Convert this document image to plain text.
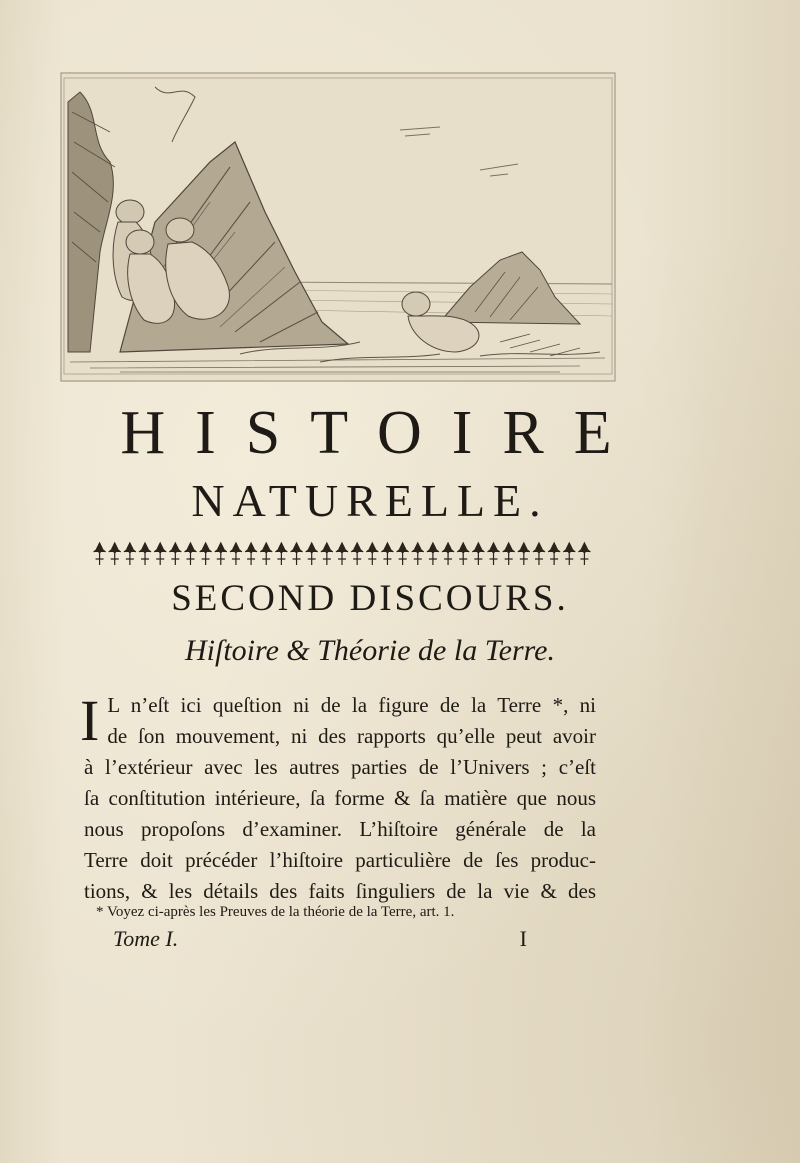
HISTOIRE
NATURELLE.
SECOND DISCOURS.
Hiſtoire & Théorie de la Terre.
I L n’eſt ici queſtion ni de la figure de la Terre *, ni
de ſon mouvement, ni des rapports qu’elle peut avoir
à l’extérieur avec les autres parties de l’Univers ; c’eſt
ſa conſtitution intérieure, ſa forme & ſa matière que nous
nous propoſons d’examiner. L’hiſtoire générale de la
Terre doit précéder l’hiſtoire particulière de ſes produc-
tions, & les détails des faits ſinguliers de la vie & des
* Voyez ci-après les Preuves de la théorie de la Terre, art. 1.
Tome I.	I
